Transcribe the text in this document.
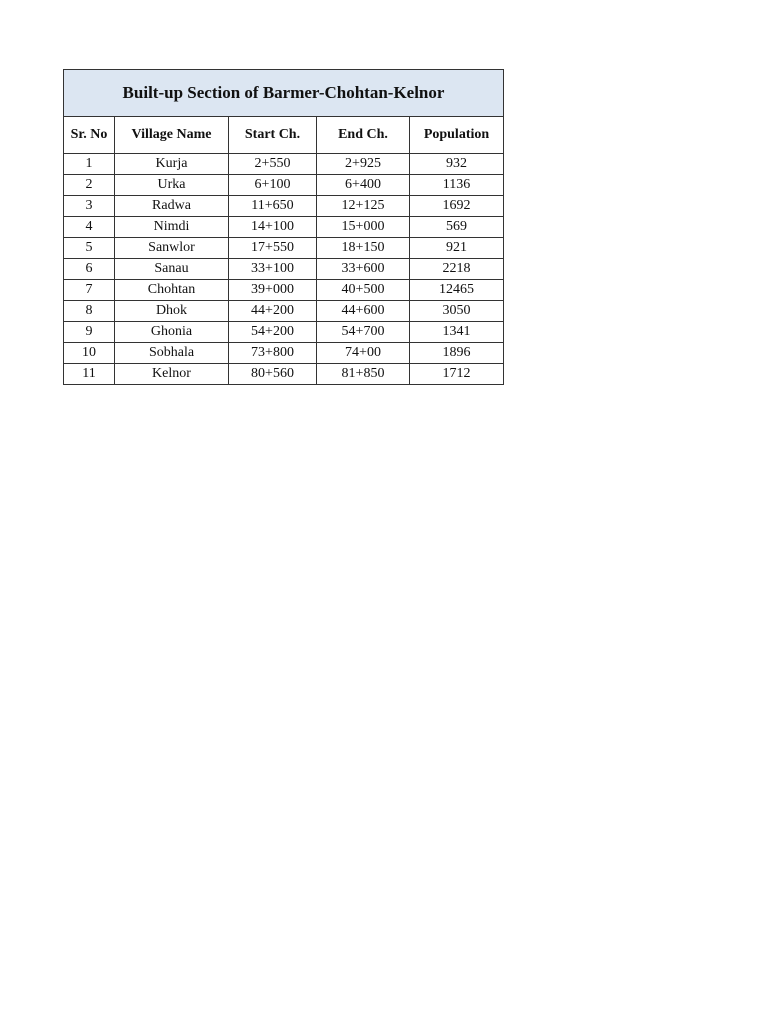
Built-up Section of Barmer-Chohtan-Kelnor				
Sr. No	Village Name	Start Ch.	End Ch.	Population
1	Kurja	2+550	2+925	932
2	Urka	6+100	6+400	1136
3	Radwa	11+650	12+125	1692
4	Nimdi	14+100	15+000	569
5	Sanwlor	17+550	18+150	921
6	Sanau	33+100	33+600	2218
7	Chohtan	39+000	40+500	12465
8	Dhok	44+200	44+600	3050
9	Ghonia	54+200	54+700	1341
10	Sobhala	73+800	74+00	1896
11	Kelnor	80+560	81+850	1712
